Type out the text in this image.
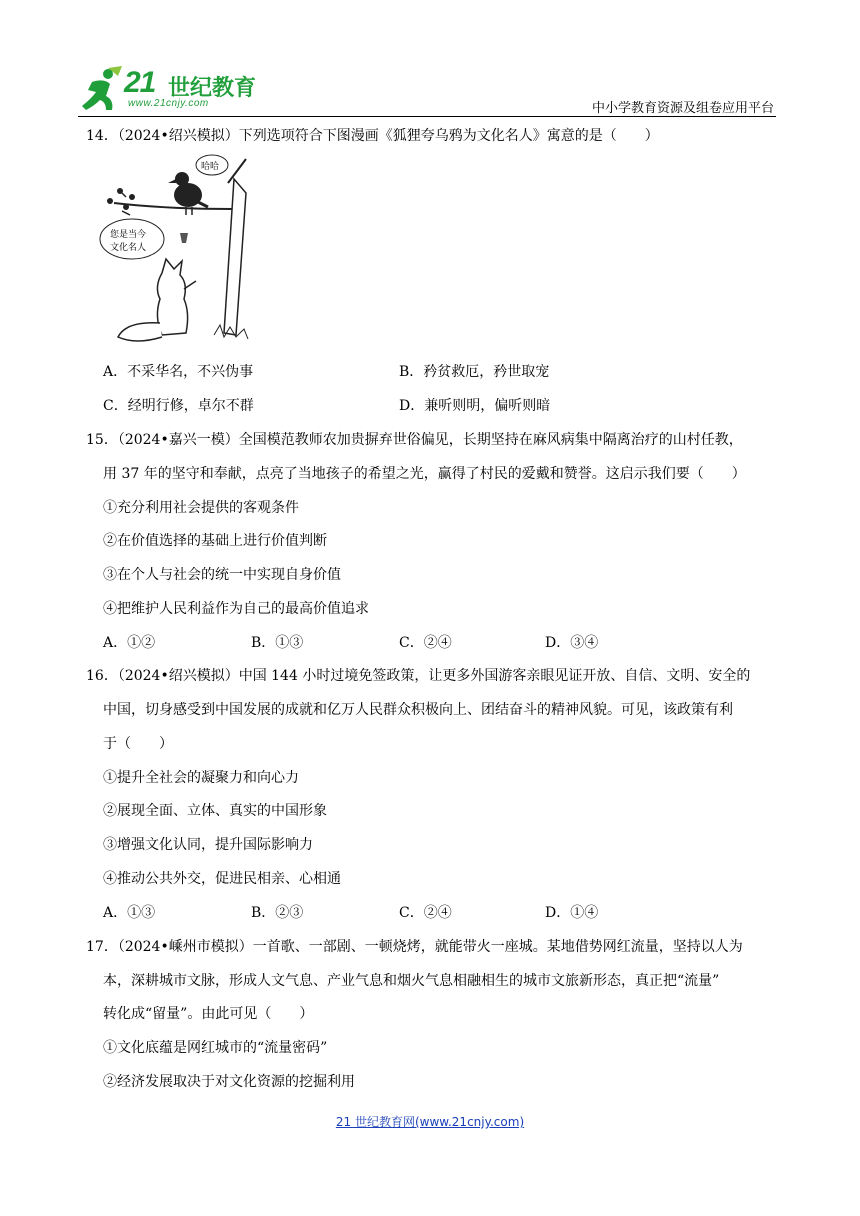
21 世纪教育
www.21cnjy.com	中小学教育资源及组卷应用平台
14．（2024•绍兴模拟）下列选项符合下图漫画《狐狸夸乌鸦为文化名人》寓意的是（　　）
哈哈
您是当今
文化名人
A．不采华名，不兴伪事	B．矜贫救厄，矜世取宠
C．经明行修，卓尔不群	D．兼听则明，偏听则暗
15．（2024•嘉兴一模）全国模范教师农加贵摒弃世俗偏见，长期坚持在麻风病集中隔离治疗的山村任教，
用 37 年的坚守和奉献，点亮了当地孩子的希望之光，赢得了村民的爱戴和赞誉。这启示我们要（　　）
①充分利用社会提供的客观条件
②在价值选择的基础上进行价值判断
③在个人与社会的统一中实现自身价值
④把维护人民利益作为自己的最高价值追求
A．①②	B．①③	C．②④	D．③④
16．（2024•绍兴模拟）中国 144 小时过境免签政策，让更多外国游客亲眼见证开放、自信、文明、安全的
中国，切身感受到中国发展的成就和亿万人民群众积极向上、团结奋斗的精神风貌。可见，该政策有利
于（　　）
①提升全社会的凝聚力和向心力
②展现全面、立体、真实的中国形象
③增强文化认同，提升国际影响力
④推动公共外交，促进民相亲、心相通
A．①③	B．②③	C．②④	D．①④
17．（2024•嵊州市模拟）一首歌、一部剧、一顿烧烤，就能带火一座城。某地借势网红流量，坚持以人为
本，深耕城市文脉，形成人文气息、产业气息和烟火气息相融相生的城市文旅新形态，真正把“流量”
转化成“留量”。由此可见（　　）
①文化底蕴是网红城市的“流量密码”
②经济发展取决于对文化资源的挖掘利用
21 世纪教育网(www.21cnjy.com)
